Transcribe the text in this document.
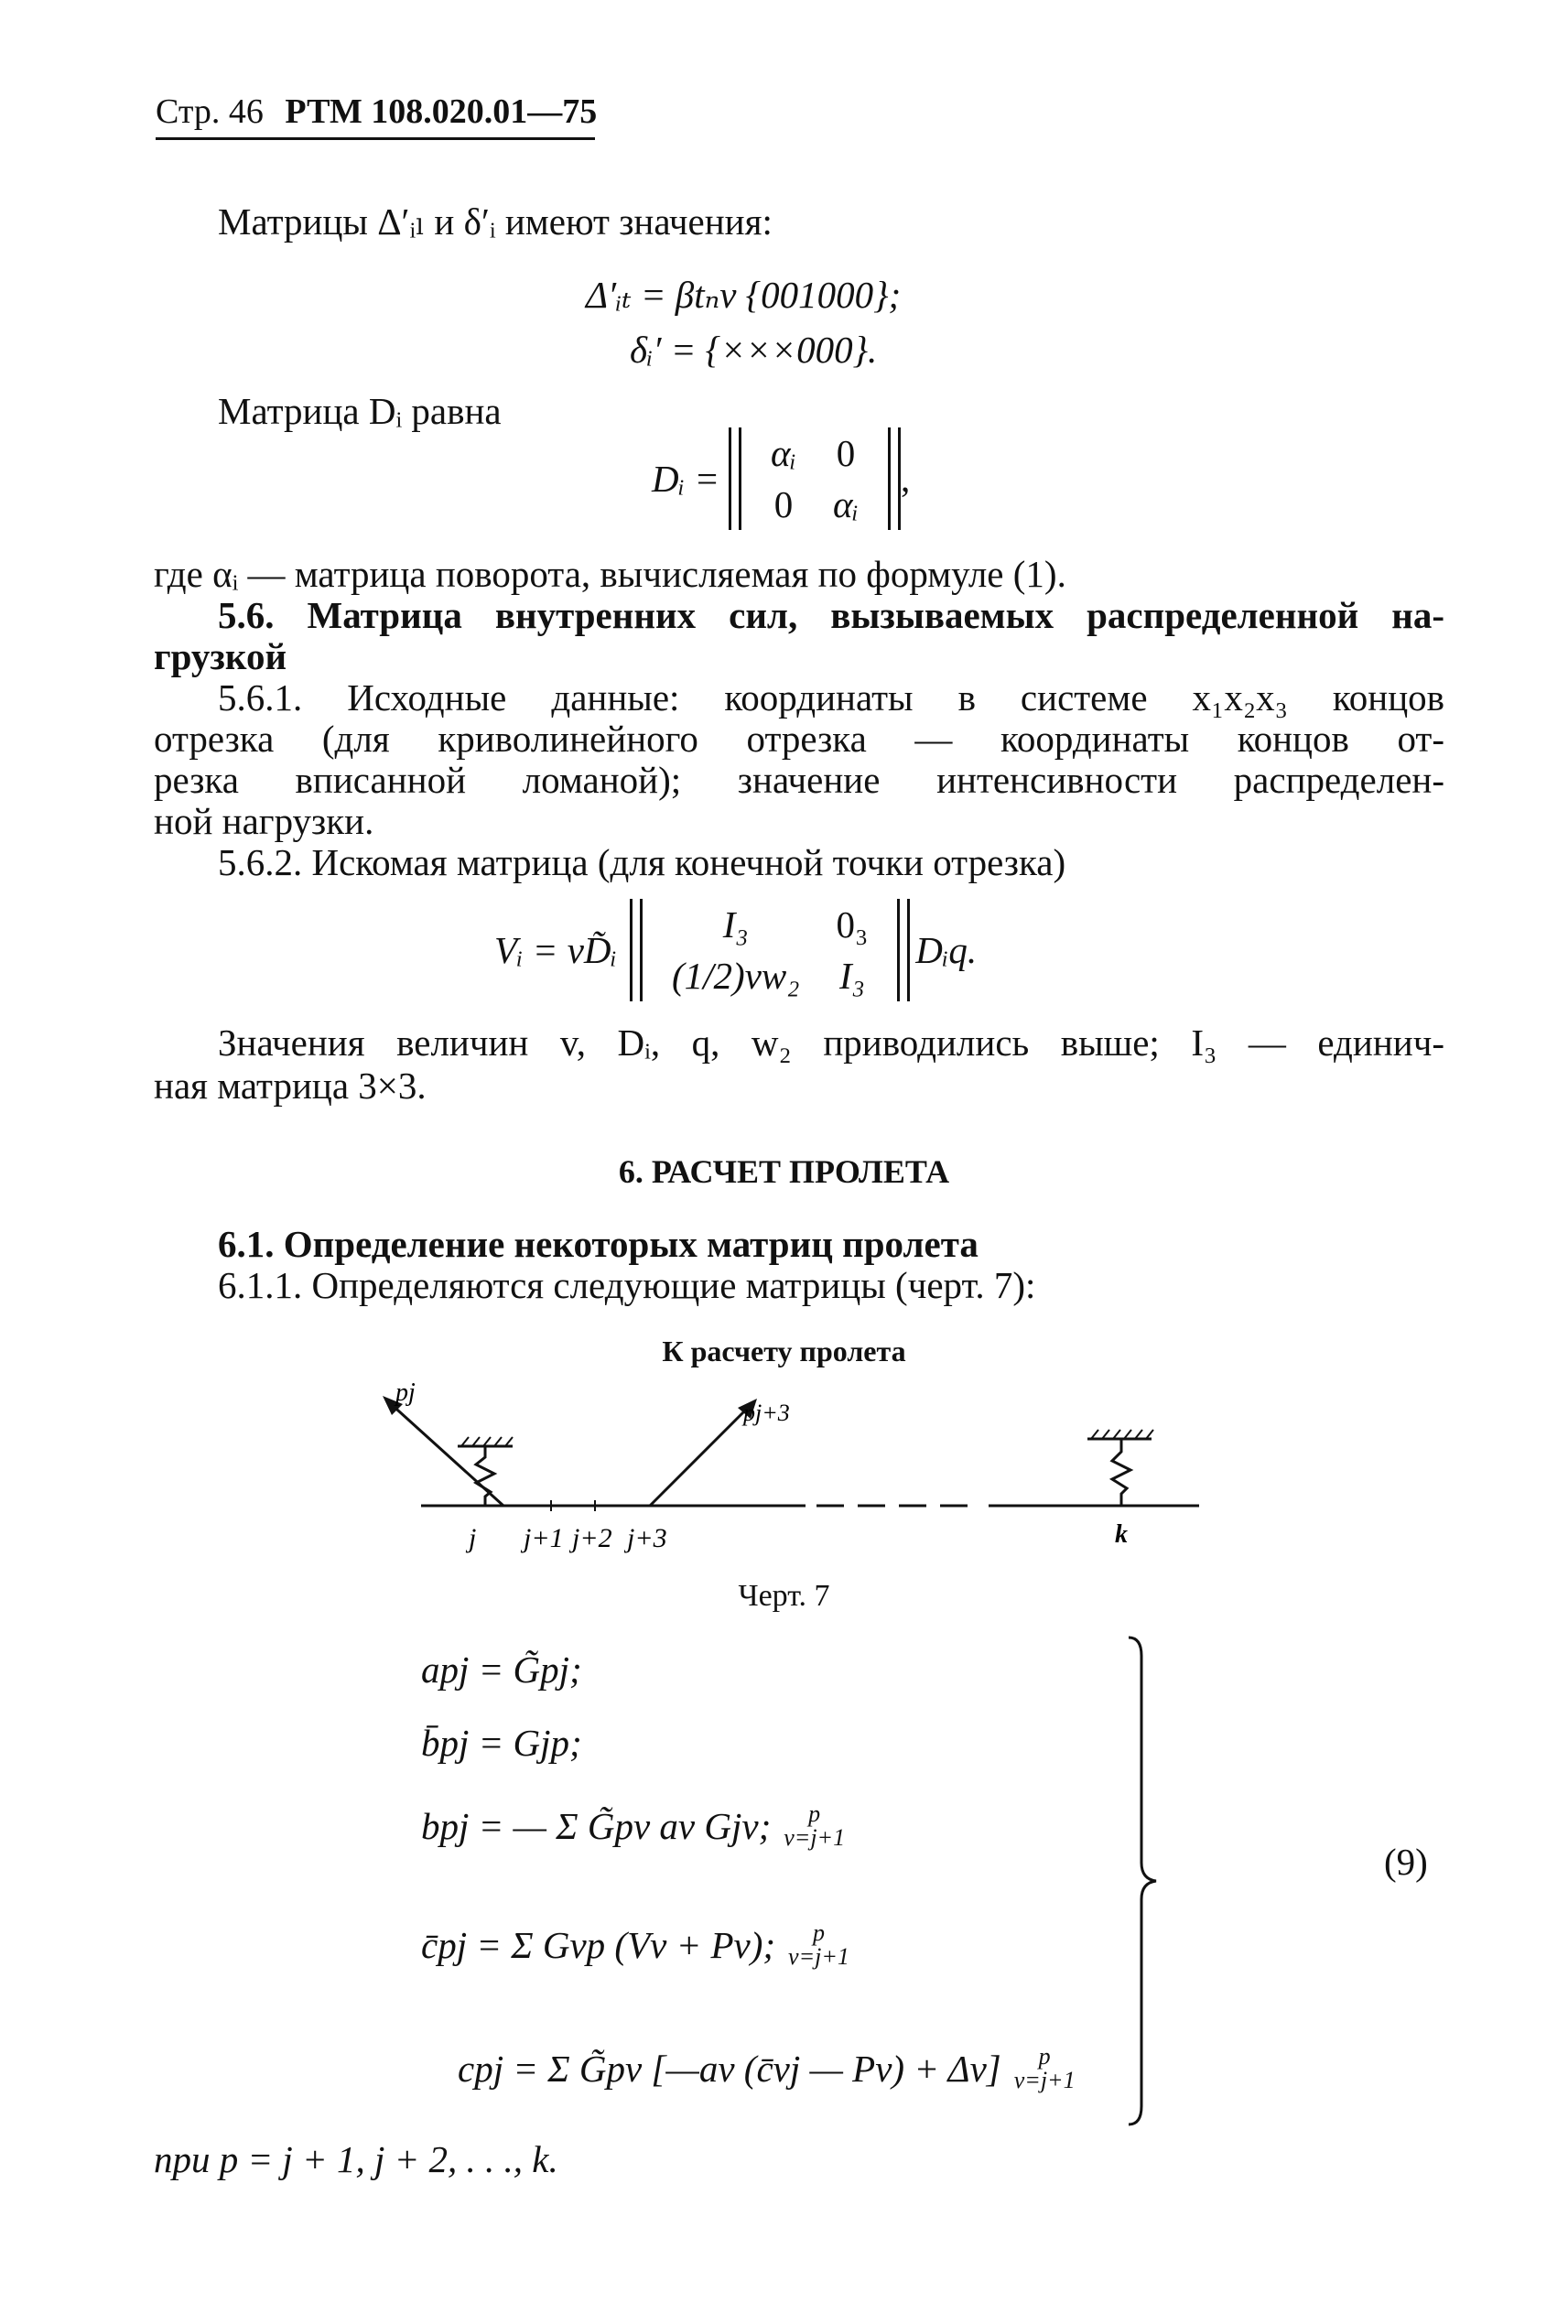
Стр. 46 РТМ 108.020.01—75
Матрицы Δ′ᵢₗ и δ′ᵢ имеют значения:
Δ′ᵢₜ = βtₙv {001000};
δᵢ′ = {×××000}.
Матрица Dᵢ равна
Dᵢ =
αᵢ	0
0	αᵢ
,
где αᵢ — матрица поворота, вычисляемая по формуле (1).
5.6. Матрица внутренних сил, вызываемых распределенной на-
грузкой
5.6.1. Исходные данные: координаты в системе x₁x₂x₃ концов
отрезка (для криволинейного отрезка — координаты концов от-
резка вписанной ломаной); значение интенсивности распределен-
ной нагрузки.
5.6.2. Искомая матрица (для конечной точки отрезка)
Vᵢ = vD̃ᵢ
I₃	0₃
(1/2)vw₂	I₃
Dᵢq.
Значения величин v, Dᵢ, q, w₂ приводились выше; I₃ — единич-
ная матрица 3×3.
6. РАСЧЕТ ПРОЛЕТА
6.1. Определение некоторых матриц пролета
6.1.1. Определяются следующие матрицы (черт. 7):
К расчету пролета
pj
pj+3
j j+1 j+2 j+3	k
Черт. 7
apj = G̃pj;
b̄pj = Gjp;
bpj = — Σ G̃pν aν Gjν;	p
ν=j+1
c̄pj = Σ Gνp (Vν + Pν);	p
ν=j+1
cpj = Σ G̃pν [—aν (c̄νj — Pν) + Δν]	p
ν=j+1
(9)
при p = j + 1, j + 2, . . ., k.
